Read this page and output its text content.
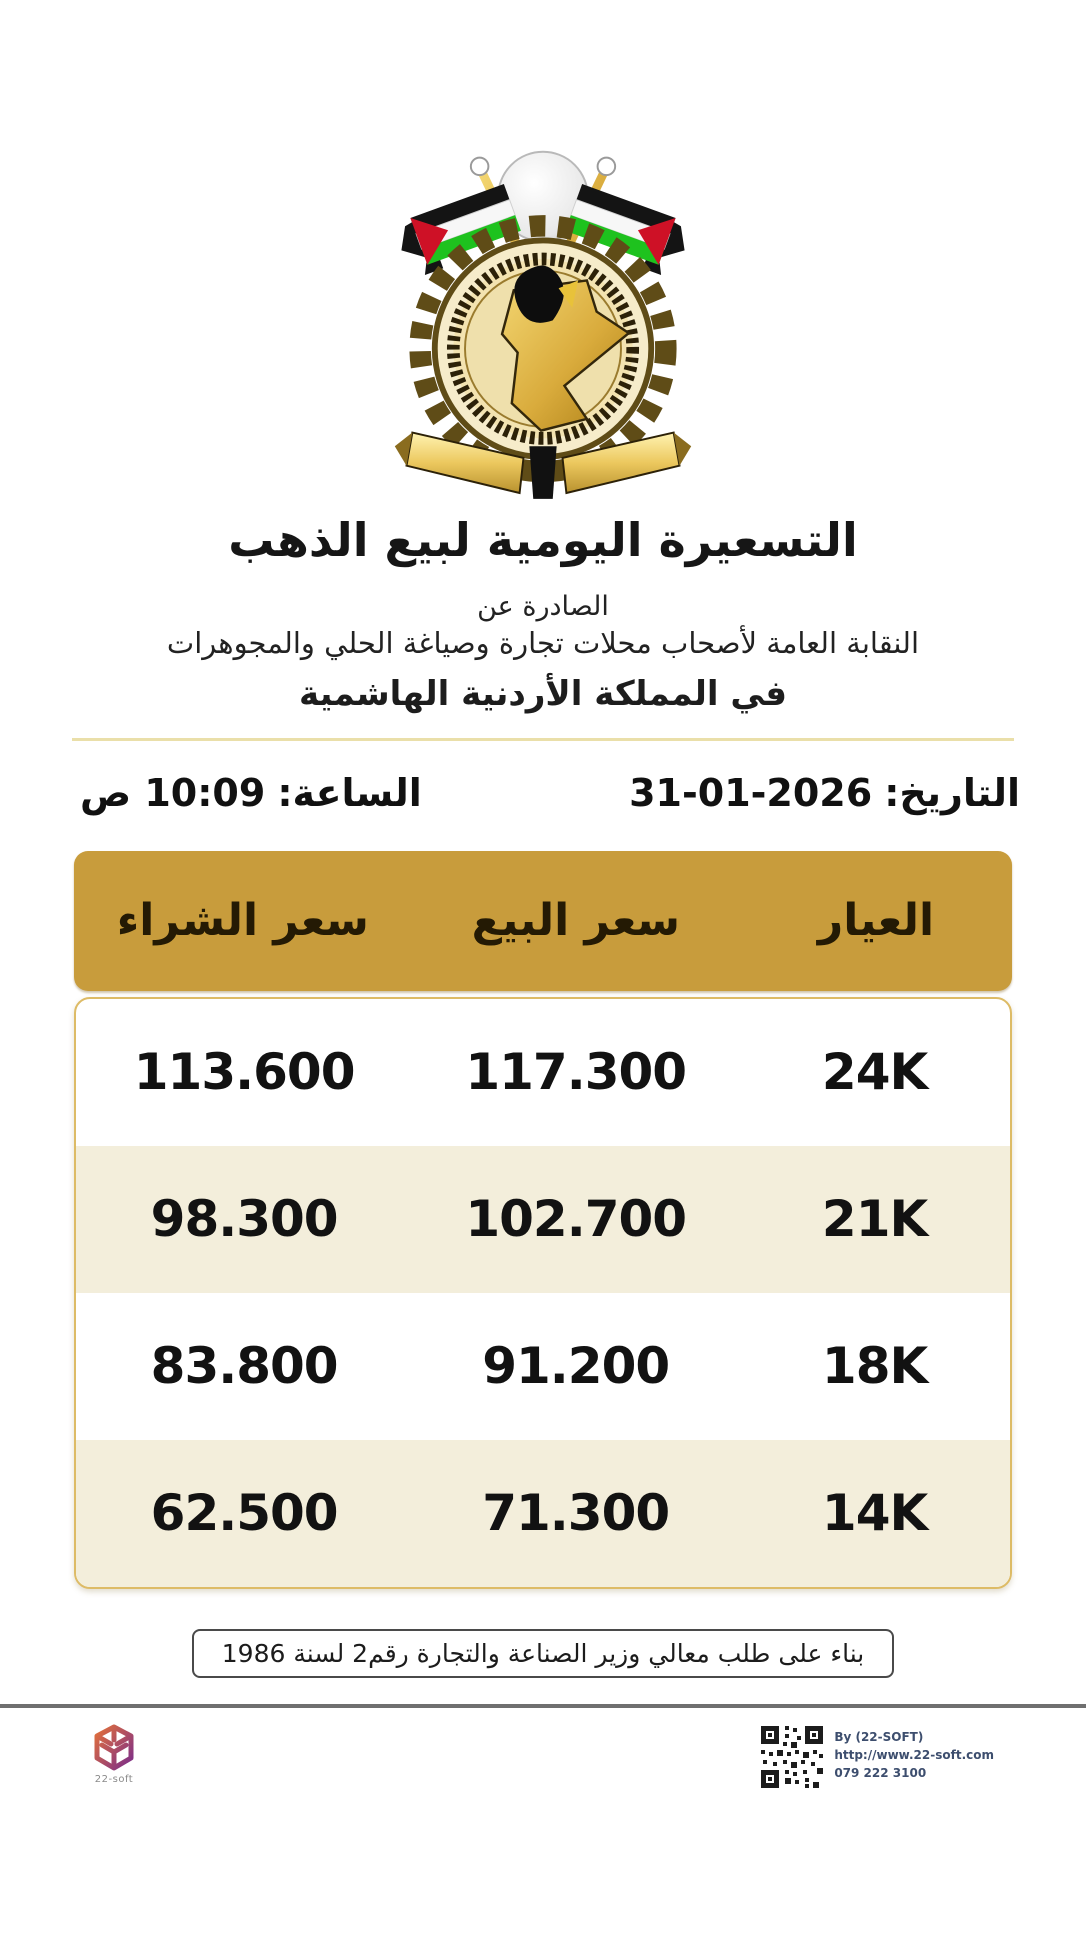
التسعيرة اليومية لبيع الذهب
الصادرة عن
النقابة العامة لأصحاب محلات تجارة وصياغة الحلي والمجوهرات
في المملكة الأردنية الهاشمية
التاريخ:
31-01-2026
الساعة:
10:09 ص
العيار
سعر البيع
سعر الشراء
24K
117.300
113.600
21K
102.700
98.300
18K
91.200
83.800
14K
71.300
62.500
بناء على طلب معالي وزير الصناعة والتجارة رقم2 لسنة 1986
22-soft
By (22-SOFT)
http://www.22-soft.com
079 222 3100
